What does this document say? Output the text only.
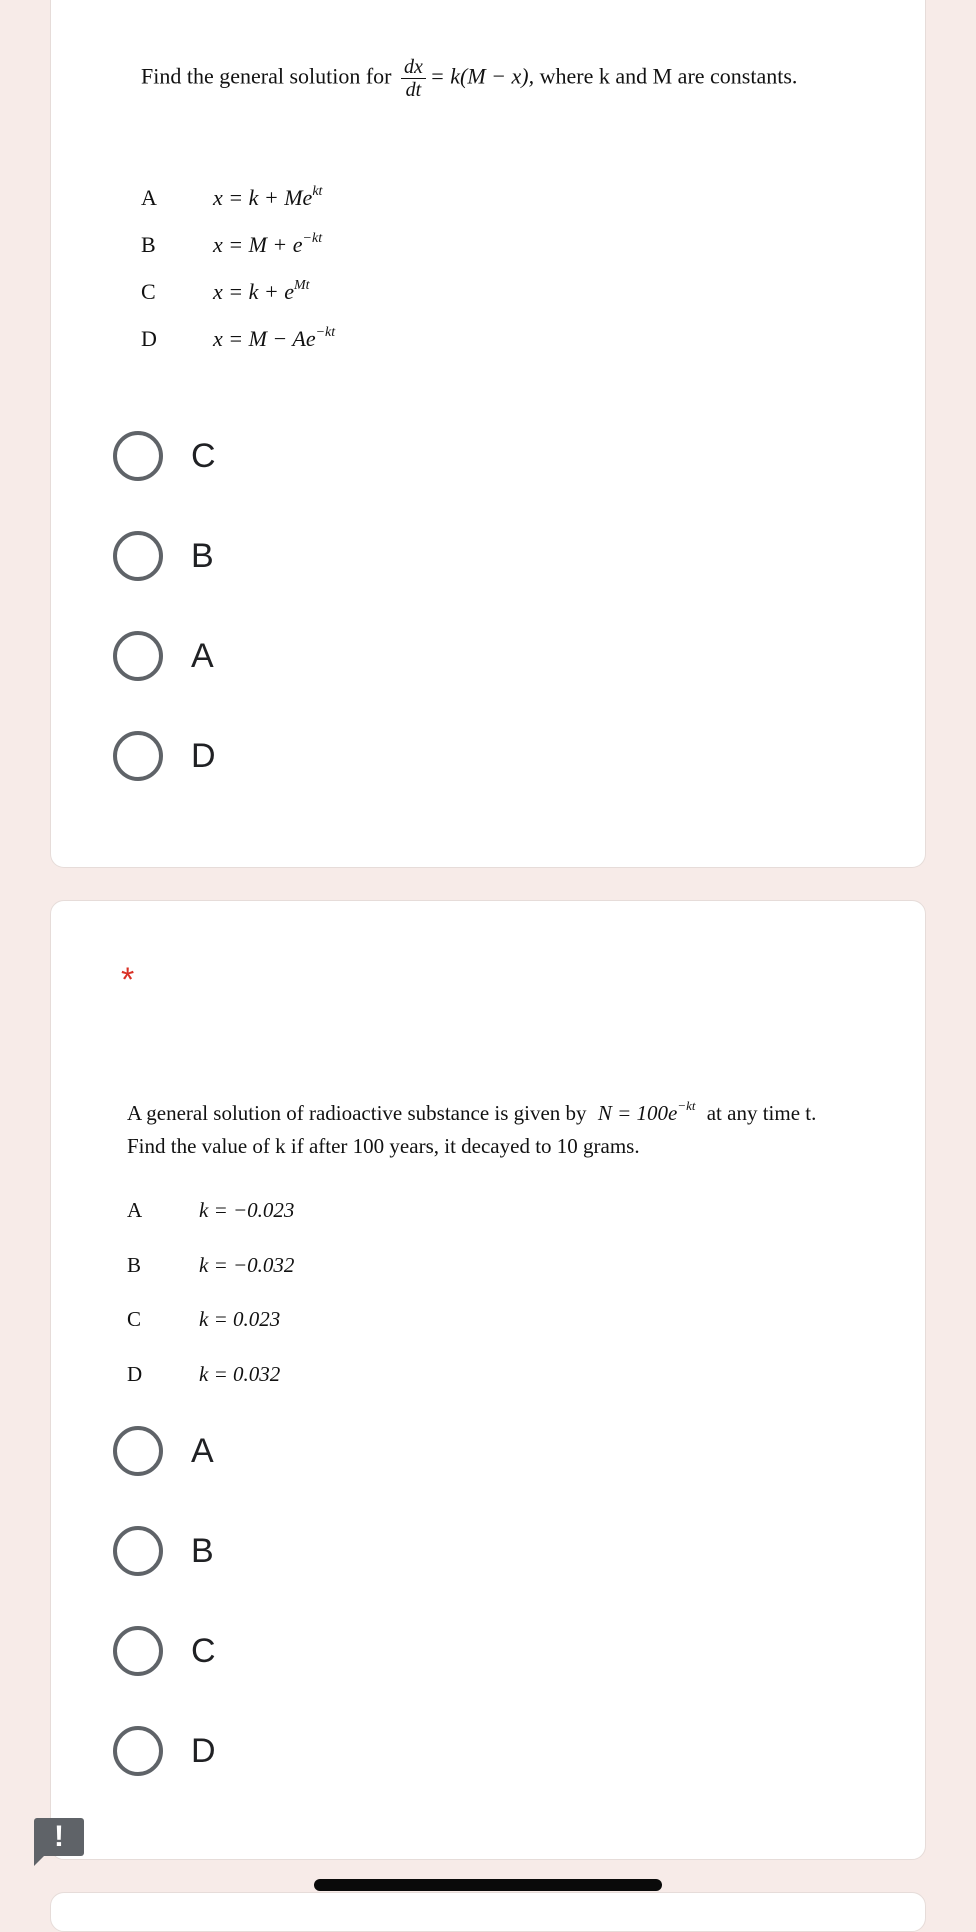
Find the general solution for $\frac{dx}{dt} = k(M - x)$, where k and M are constants.
A	$x = k + Me^{kt}$
B	$x = M + e^{-kt}$
C	$x = k + e^{Mt}$
D	$x = M - Ae^{-kt}$
C
B
A
D
*
A general solution of radioactive substance is given by $N = 100e^{-kt}$ at any time t.
Find the value of k if after 100 years, it decayed to 10 grams.
A	k = −0.023
B	k = −0.032
C	k = 0.023
D	k = 0.032
A
B
C
D
!
